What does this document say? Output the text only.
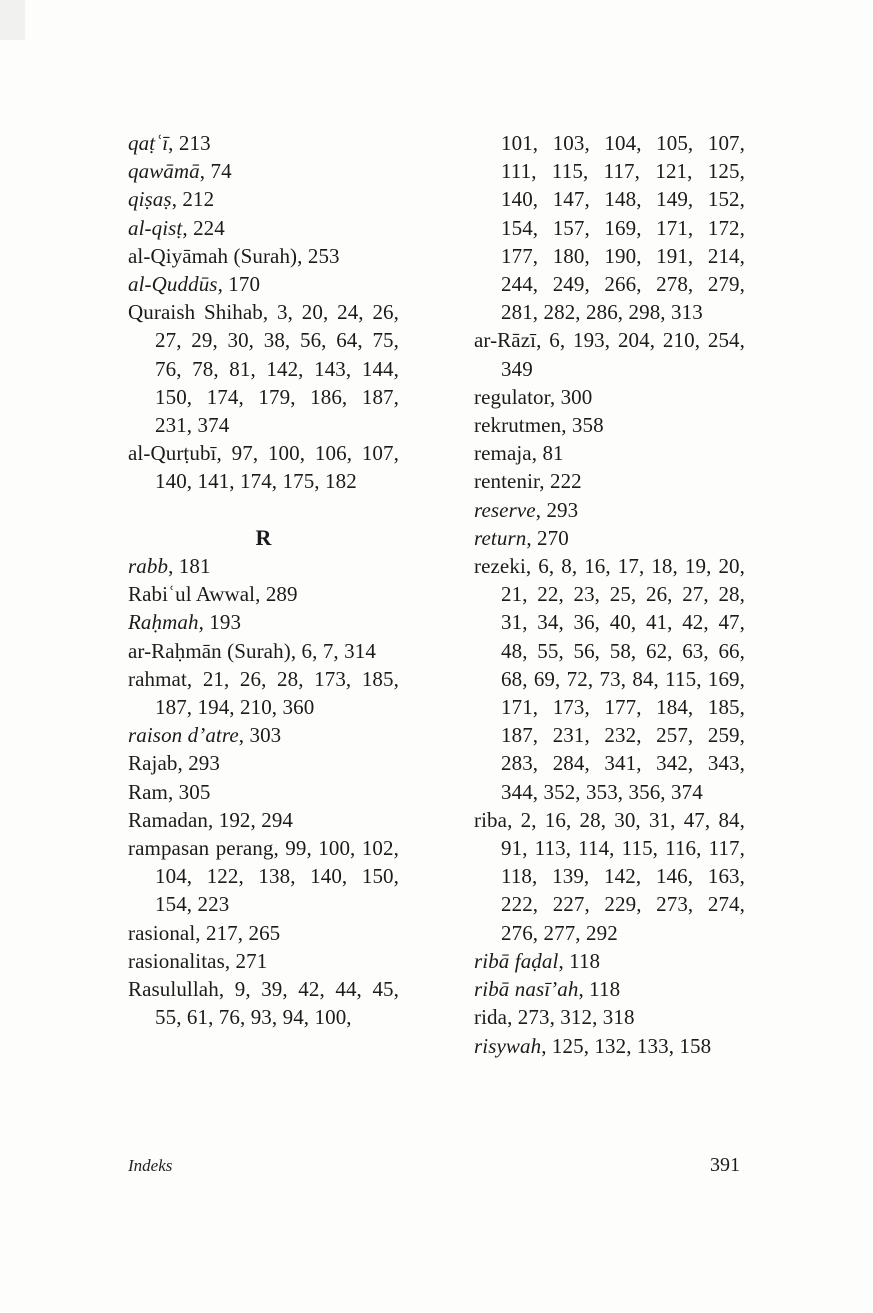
qaṭʿī, 213

qawāmā, 74

qiṣaṣ, 212

al-qisṭ, 224

al-Qiyāmah (Surah), 253

al-Quddūs, 170

Quraish Shihab, 3, 20, 24, 26, 27, 29, 30, 38, 56, 64, 75, 76, 78, 81, 142, 143, 144, 150, 174, 179, 186, 187, 231, 374

al-Qurṭubī, 97, 100, 106, 107, 140, 141, 174, 175, 182

R

rabb, 181

Rabiʿul Awwal, 289

Raḥmah, 193

ar-Raḥmān (Surah), 6, 7, 314

rahmat, 21, 26, 28, 173, 185, 187, 194, 210, 360

raison d’atre, 303

Rajab, 293

Ram, 305

Ramadan, 192, 294

rampasan perang, 99, 100, 102, 104, 122, 138, 140, 150, 154, 223

rasional, 217, 265

rasionalitas, 271

Rasulullah, 9, 39, 42, 44, 45, 55, 61, 76, 93, 94, 100,

101, 103, 104, 105, 107, 111, 115, 117, 121, 125, 140, 147, 148, 149, 152, 154, 157, 169, 171, 172, 177, 180, 190, 191, 214, 244, 249, 266, 278, 279, 281, 282, 286, 298, 313

ar-Rāzī, 6, 193, 204, 210, 254, 349

regulator, 300

rekrutmen, 358

remaja, 81

rentenir, 222

reserve, 293

return, 270

rezeki, 6, 8, 16, 17, 18, 19, 20, 21, 22, 23, 25, 26, 27, 28, 31, 34, 36, 40, 41, 42, 47, 48, 55, 56, 58, 62, 63, 66, 68, 69, 72, 73, 84, 115, 169, 171, 173, 177, 184, 185, 187, 231, 232, 257, 259, 283, 284, 341, 342, 343, 344, 352, 353, 356, 374

riba, 2, 16, 28, 30, 31, 47, 84, 91, 113, 114, 115, 116, 117, 118, 139, 142, 146, 163, 222, 227, 229, 273, 274, 276, 277, 292

ribā faḍal, 118

ribā nasī’ah, 118

rida, 273, 312, 318

risywah, 125, 132, 133, 158

Indeks	391
